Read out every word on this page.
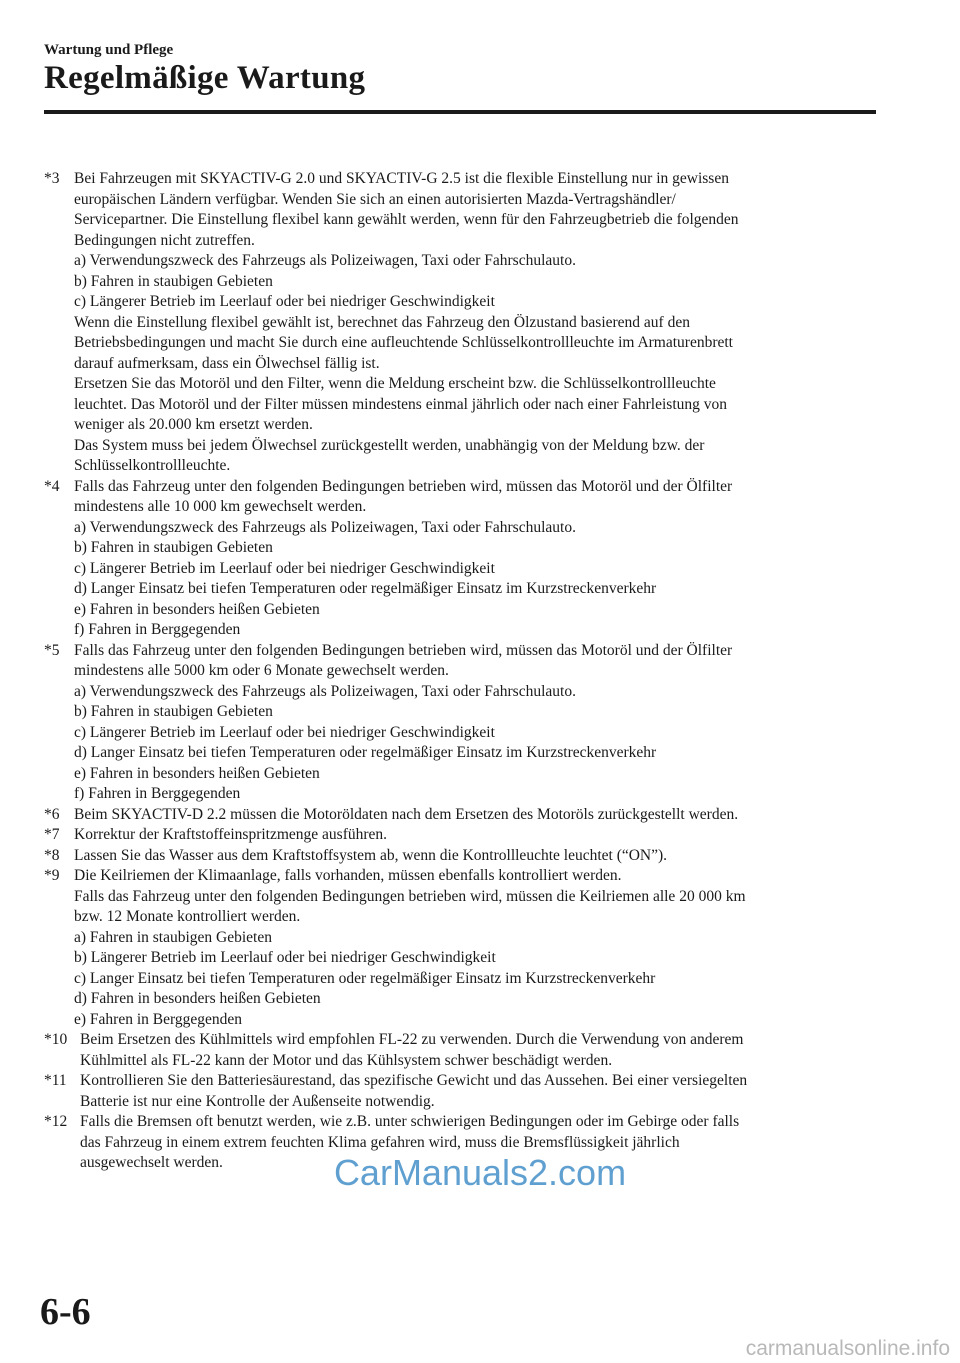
Wartung und Pflege
Regelmäßige Wartung
*3 Bei Fahrzeugen mit SKYACTIV-G 2.0 und SKYACTIV-G 2.5 ist die flexible Einstellung nur in gewissen
europäischen Ländern verfügbar. Wenden Sie sich an einen autorisierten Mazda-Vertragshändler/
Servicepartner. Die Einstellung flexibel kann gewählt werden, wenn für den Fahrzeugbetrieb die folgenden
Bedingungen nicht zutreffen.
a) Verwendungszweck des Fahrzeugs als Polizeiwagen, Taxi oder Fahrschulauto.
b) Fahren in staubigen Gebieten
c) Längerer Betrieb im Leerlauf oder bei niedriger Geschwindigkeit
Wenn die Einstellung flexibel gewählt ist, berechnet das Fahrzeug den Ölzustand basierend auf den
Betriebsbedingungen und macht Sie durch eine aufleuchtende Schlüsselkontrollleuchte im Armaturenbrett
darauf aufmerksam, dass ein Ölwechsel fällig ist.
Ersetzen Sie das Motoröl und den Filter, wenn die Meldung erscheint bzw. die Schlüsselkontrollleuchte
leuchtet. Das Motoröl und der Filter müssen mindestens einmal jährlich oder nach einer Fahrleistung von
weniger als 20.000 km ersetzt werden.
Das System muss bei jedem Ölwechsel zurückgestellt werden, unabhängig von der Meldung bzw. der
Schlüsselkontrollleuchte.
*4 Falls das Fahrzeug unter den folgenden Bedingungen betrieben wird, müssen das Motoröl und der Ölfilter
mindestens alle 10 000 km gewechselt werden.
a) Verwendungszweck des Fahrzeugs als Polizeiwagen, Taxi oder Fahrschulauto.
b) Fahren in staubigen Gebieten
c) Längerer Betrieb im Leerlauf oder bei niedriger Geschwindigkeit
d) Langer Einsatz bei tiefen Temperaturen oder regelmäßiger Einsatz im Kurzstreckenverkehr
e) Fahren in besonders heißen Gebieten
f) Fahren in Berggegenden
*5 Falls das Fahrzeug unter den folgenden Bedingungen betrieben wird, müssen das Motoröl und der Ölfilter
mindestens alle 5000 km oder 6 Monate gewechselt werden.
a) Verwendungszweck des Fahrzeugs als Polizeiwagen, Taxi oder Fahrschulauto.
b) Fahren in staubigen Gebieten
c) Längerer Betrieb im Leerlauf oder bei niedriger Geschwindigkeit
d) Langer Einsatz bei tiefen Temperaturen oder regelmäßiger Einsatz im Kurzstreckenverkehr
e) Fahren in besonders heißen Gebieten
f) Fahren in Berggegenden
*6 Beim SKYACTIV-D 2.2 müssen die Motoröldaten nach dem Ersetzen des Motoröls zurückgestellt werden.
*7 Korrektur der Kraftstoffeinspritzmenge ausführen.
*8 Lassen Sie das Wasser aus dem Kraftstoffsystem ab, wenn die Kontrollleuchte leuchtet (“ON”).
*9 Die Keilriemen der Klimaanlage, falls vorhanden, müssen ebenfalls kontrolliert werden.
Falls das Fahrzeug unter den folgenden Bedingungen betrieben wird, müssen die Keilriemen alle 20 000 km
bzw. 12 Monate kontrolliert werden.
a) Fahren in staubigen Gebieten
b) Längerer Betrieb im Leerlauf oder bei niedriger Geschwindigkeit
c) Langer Einsatz bei tiefen Temperaturen oder regelmäßiger Einsatz im Kurzstreckenverkehr
d) Fahren in besonders heißen Gebieten
e) Fahren in Berggegenden
*10 Beim Ersetzen des Kühlmittels wird empfohlen FL-22 zu verwenden. Durch die Verwendung von anderem
Kühlmittel als FL-22 kann der Motor und das Kühlsystem schwer beschädigt werden.
*11 Kontrollieren Sie den Batteriesäurestand, das spezifische Gewicht und das Aussehen. Bei einer versiegelten
Batterie ist nur eine Kontrolle der Außenseite notwendig.
*12 Falls die Bremsen oft benutzt werden, wie z.B. unter schwierigen Bedingungen oder im Gebirge oder falls
das Fahrzeug in einem extrem feuchten Klima gefahren wird, muss die Bremsflüssigkeit jährlich
ausgewechselt werden.	CarManuals2.com
6-6
carmanualsonline.info
